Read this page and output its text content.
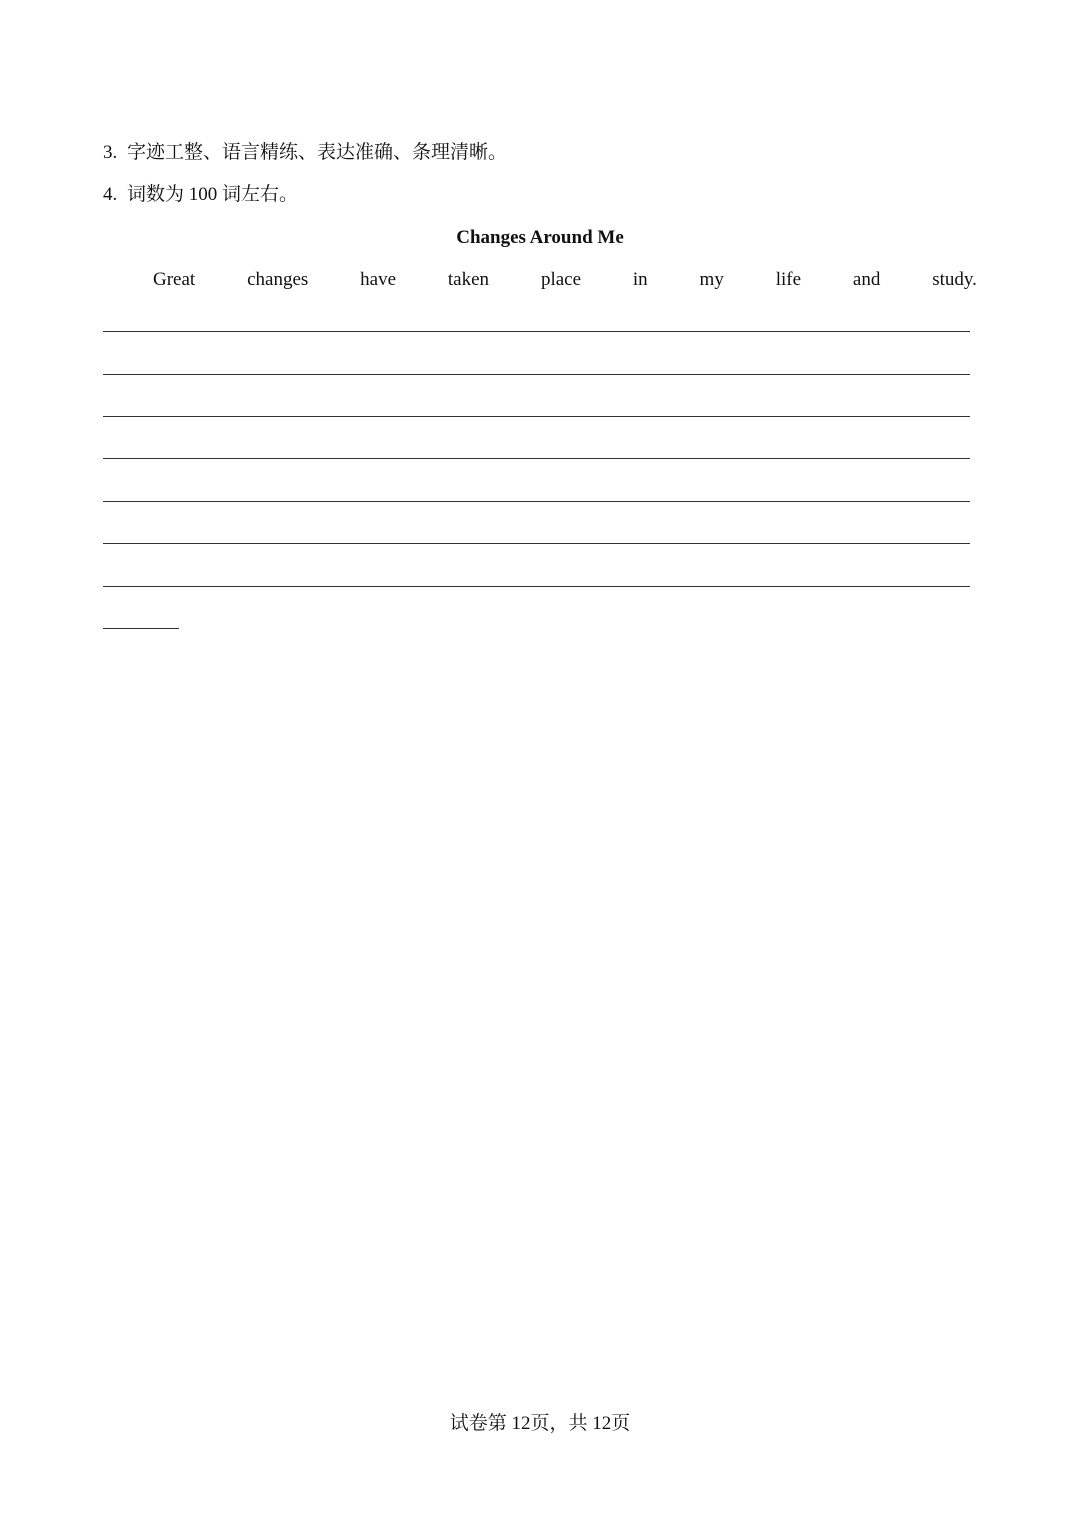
3. 字迹工整、语言精练、表达准确、条理清晰。
4. 词数为 100 词左右。
Changes Around Me
Great	changes	have	taken	place	in	my	life	and	study.
试卷第 12页，共 12页
